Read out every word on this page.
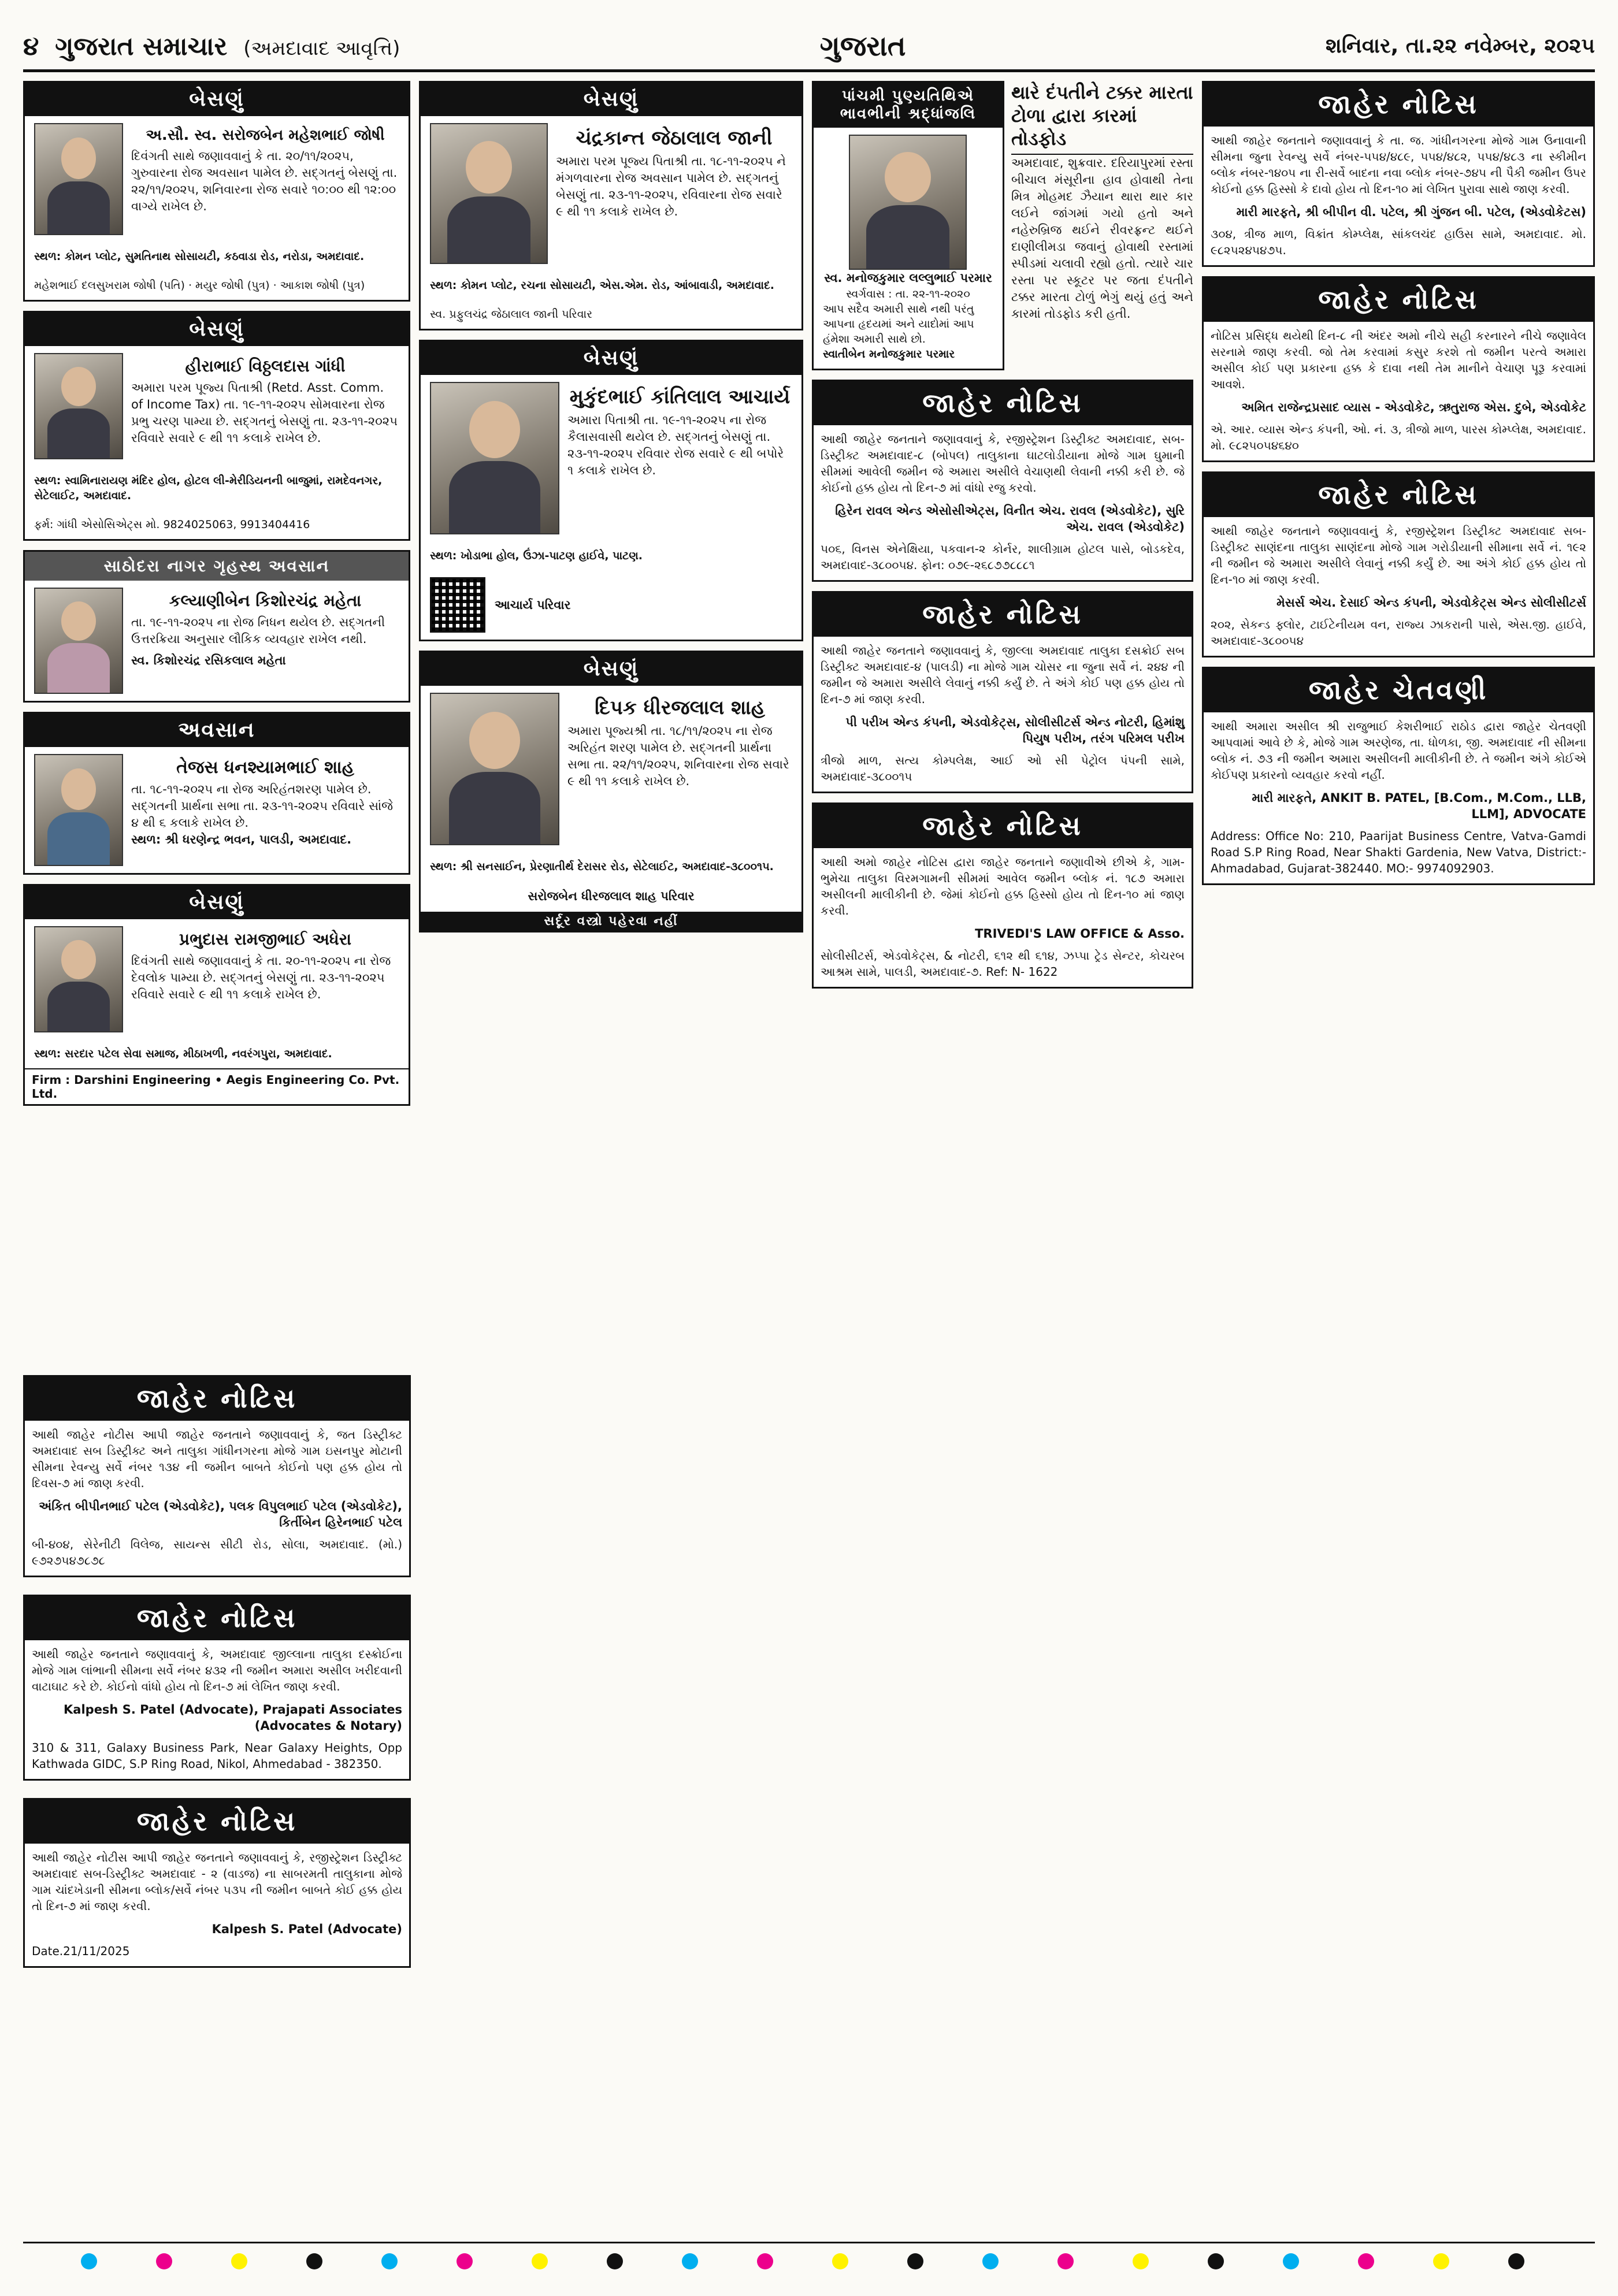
૪ ગુજરાત સમાચાર (અમદાવાદ આવૃત્તિ)	ગુજરાત	શનિવાર, તા.૨૨ નવેમ્બર, ૨૦૨૫
બેસણું
અ.સૌ. સ્વ. સરોજબેન મહેશભાઈ જોષી
દિવંગતી સાથે જણાવવાનું કે તા. ૨૦/૧૧/૨૦૨૫, ગુરુવારના રોજ અવસાન પામેલ છે. સદ્ગતનું બેસણું તા. ૨૨/૧૧/૨૦૨૫, શનિવારના રોજ સવારે ૧૦:૦૦ થી ૧૨:૦૦ વાગ્યે રાખેલ છે.
સ્થળ: કોમન પ્લોટ, સુમતિનાથ સોસાયટી, કઠવાડા રોડ, નરોડા, અમદાવાદ.
મહેશભાઈ દલસુખરામ જોષી (પતિ) · મયુર જોષી (પુત્ર) · આકાશ જોષી (પુત્ર)
બેસણું
હીરાભાઈ વિઠ્ઠલદાસ ગાંધી
અમારા પરમ પૂજ્ય પિતાશ્રી (Retd. Asst. Comm. of Income Tax) તા. ૧૯-૧૧-૨૦૨૫ સોમવારના રોજ પ્રભુ ચરણ પામ્યા છે. સદ્ગતનું બેસણું તા. ૨૩-૧૧-૨૦૨૫ રવિવારે સવારે ૯ થી ૧૧ કલાકે રાખેલ છે.
સ્થળ: સ્વામિનારાયણ મંદિર હોલ, હોટલ લી-મેરીડિયનની બાજુમાં, રામદેવનગર, સેટેલાઈટ, અમદાવાદ.
ફર્મ: ગાંધી એસોસિએટ્સ મો. 9824025063, 9913404416
સાઠોદરા નાગર ગૃહસ્થ અવસાન
કલ્યાણીબેન કિશોરચંદ્ર મહેતા
તા. ૧૯-૧૧-૨૦૨૫ ના રોજ નિધન થયેલ છે. સદ્ગતની ઉત્તરક્રિયા અનુસાર લૌકિક વ્યવહાર રાખેલ નથી.
સ્વ. કિશોરચંદ્ર રસિકલાલ મહેતા
અવસાન
તેજસ ધનશ્યામભાઈ શાહ
તા. ૧૮-૧૧-૨૦૨૫ ના રોજ અરિહંતશરણ પામેલ છે. સદ્ગતની પ્રાર્થના સભા તા. ૨૩-૧૧-૨૦૨૫ રવિવારે સાંજે ૪ થી ૬ કલાકે રાખેલ છે.
સ્થળ: શ્રી ધરણેન્દ્ર ભવન, પાલડી, અમદાવાદ.
બેસણું
પ્રભુદાસ રામજીભાઈ અધેરા
દિવંગતી સાથે જણાવવાનું કે તા. ૨૦-૧૧-૨૦૨૫ ના રોજ દેવલોક પામ્યા છે. સદ્ગતનું બેસણું તા. ૨૩-૧૧-૨૦૨૫ રવિવારે સવારે ૯ થી ૧૧ કલાકે રાખેલ છે.
સ્થળ: સરદાર પટેલ સેવા સમાજ, મીઠાખળી, નવરંગપુરા, અમદાવાદ.
Firm : Darshini Engineering • Aegis Engineering Co. Pvt. Ltd.
બેસણું
ચંદ્રકાન્ત જેઠાલાલ જાની
અમારા પરમ પૂજ્ય પિતાશ્રી તા. ૧૮-૧૧-૨૦૨૫ ને મંગળવારના રોજ અવસાન પામેલ છે. સદ્ગતનું બેસણું તા. ૨૩-૧૧-૨૦૨૫, રવિવારના રોજ સવારે ૯ થી ૧૧ કલાકે રાખેલ છે.
સ્થળ: કોમન પ્લોટ, રચના સોસાયટી, એસ.એમ. રોડ, આંબાવાડી, અમદાવાદ.
સ્વ. પ્રફુલચંદ્ર જેઠાલાલ જાની પરિવાર
બેસણું
મુકુંદભાઈ કાંતિલાલ આચાર્ય
અમારા પિતાશ્રી તા. ૧૯-૧૧-૨૦૨૫ ના રોજ કૈલાસવાસી થયેલ છે. સદ્ગતનું બેસણું તા. ૨૩-૧૧-૨૦૨૫ રવિવાર રોજ સવારે ૯ થી બપોરે ૧ કલાકે રાખેલ છે.
સ્થળ: ખોડાભા હોલ, ઉંઝા-પાટણ હાઈવે, પાટણ.
આચાર્ય પરિવાર
બેસણું
દિપક ધીરજલાલ શાહ
અમારા પૂજ્યશ્રી તા. ૧૮/૧૧/૨૦૨૫ ના રોજ અરિહંત શરણ પામેલ છે. સદ્ગતની પ્રાર્થના સભા તા. ૨૨/૧૧/૨૦૨૫, શનિવારના રોજ સવારે ૯ થી ૧૧ કલાકે રાખેલ છે.
સ્થળ: શ્રી સનસાઈન, પ્રેરણાતીર્થ દેરાસર રોડ, સેટેલાઈટ, અમદાવાદ-૩૮૦૦૧૫.
સરોજબેન ધીરજલાલ શાહ પરિવાર
સર્દૂર વસ્ત્રો પહેરવા નહીં
પાંચમી પુણ્યતિથિએ ભાવભીની શ્રદ્ધાંજલિ
સ્વ. મનોજકુમાર લલ્લુભાઈ પરમાર
સ્વર્ગવાસ : તા. ૨૨-૧૧-૨૦૨૦
આપ સદૈવ અમારી સાથે નથી પરંતુ આપના હૃદયમાં અને યાદોમાં આપ હંમેશા અમારી સાથે છો.
સ્વાતીબેન મનોજકુમાર પરમાર
થારે દંપતીને ટક્કર મારતા ટોળા દ્વારા કારમાં તોડફોડ
અમદાવાદ, શુક્રવાર. દરિયાપુરમાં રસ્તા બીચાલ મંસૂરીના હાવ હોવાથી તેના મિત્ર મોહમદ ઝૈયાન થારા થાર કાર લઈને જાંગમાં ગયો હતો અને નહેરુબ્રિજ થઈને રીવરફ્રન્ટ થઈને દાણીલીમડા જવાનું હોવાથી રસ્તામાં સ્પીડમાં ચલાવી રહ્યો હતો. ત્યારે ચાર રસ્તા પર સ્કૂટર પર જતા દંપતીને ટક્કર મારતા ટોળું ભેગું થયું હતું અને કારમાં તોડફોડ કરી હતી.
જાહેર નોટિસ
આથી જાહેર જનતાને જણાવવાનું કે, રજીસ્ટ્રેશન ડિસ્ટ્રીક્ટ અમદાવાદ, સબ-ડિસ્ટ્રીક્ટ અમદાવાદ-૮ (બોપલ) તાલુકાના ઘાટલોડીયાના મોજે ગામ ઘુમાની સીમમાં આવેલી જમીન જે અમારા અસીલે વેચાણથી લેવાની નક્કી કરી છે. જે કોઈનો હક્ક હોય તો દિન-૭ માં વાંધો રજુ કરવો.
હિરેન રાવલ એન્ડ એસોસીએટ્સ, વિનીત એચ. રાવલ (એડવોકેટ), સુરિ એચ. રાવલ (એડવોકેટ)
૫૦૬, વિનસ એનેક્ષિયા, પકવાન-૨ કોર્નર, શાલીગ્રામ હોટલ પાસે, બોડકદેવ, અમદાવાદ-૩૮૦૦૫૪. ફોન: ૦૭૯-૨૬૮૭૭૮૮૮૧
જાહેર નોટિસ
આથી જાહેર જનતાને જણાવવાનું કે, જીલ્લા અમદાવાદ તાલુકા દસક્રોઈ સબ ડિસ્ટ્રીક્ટ અમદાવાદ-૪ (પાલડી) ના મોજે ગામ ચોસર ના જુના સર્વે નં. ૨૪૪ ની જમીન જે અમારા અસીલે લેવાનું નક્કી કર્યું છે. તે અંગે કોઈ પણ હક્ક હોય તો દિન-૭ માં જાણ કરવી.
પી પરીખ એન્ડ કંપની, એડવોકેટ્સ, સોલીસીટર્સ એન્ડ નોટરી, હિમાંશુ પિયુષ પરીખ, તરંગ પરિમલ પરીખ
ત્રીજો માળ, સત્ય કોમ્પલેક્ષ, આઈ ઓ સી પેટ્રોલ પંપની સામે, અમદાવાદ-૩૮૦૦૧૫
જાહેર નોટિસ
આથી અમો જાહેર નોટિસ દ્વારા જાહેર જનતાને જણાવીએ છીએ કે, ગામ-ભુમેચા તાલુકા વિરમગામની સીમમાં આવેલ જમીન બ્લોક નં. ૧૮૭ અમારા અસીલની માલીકીની છે. જેમાં કોઈનો હક્ક હિસ્સો હોય તો દિન-૧૦ માં જાણ કરવી.
TRIVEDI'S LAW OFFICE & Asso.
સોલીસીટર્સ, એડવોકેટ્સ, & નોટરી, ૬૧૨ થી ૬૧૪, ઝપ્પા ટ્રેડ સેન્ટર, કોચરબ આશ્રમ સામે, પાલડી, અમદાવાદ-૭. Ref: N- 1622
જાહેર નોટિસ
આથી જાહેર જનતાને જણાવવાનું કે તા. જ. ગાંધીનગરના મોજે ગામ ઉનાવાની સીમના જુના રેવન્યુ સર્વે નંબર-૫૫૪/૪૮૯, ૫૫૪/૪૮૨, ૫૫૪/૪૮૩ ના સ્કીમીન બ્લોક નંબર-૧૪૦૫ ના રી-સર્વે બાદના નવા બ્લોક નંબર-૭૪૫ ની પૈકી જમીન ઉપર કોઈનો હક્ક હિસ્સો કે દાવો હોય તો દિન-૧૦ માં લેખિત પુરાવા સાથે જાણ કરવી.
મારી મારફતે, શ્રી બીપીન વી. પટેલ, શ્રી ગુંજન બી. પટેલ, (એડવોકેટસ)
૩૦૪, ત્રીજ માળ, વિક્રાંત કોમ્પ્લેક્ષ, સાંકલચંદ હાઉસ સામે, અમદાવાદ. મો. ૯૮૨૫૨૪૫૪૭૫.
જાહેર નોટિસ
નોટિસ પ્રસિદ્ધ થયેથી દિન-૮ ની અંદર અમો નીચે સહી કરનારને નીચે જણાવેલ સરનામે જાણ કરવી. જો તેમ કરવામાં કસુર કરશે તો જમીન પરત્વે અમારા અસીલ કોઈ પણ પ્રકારના હક્ક કે દાવા નથી તેમ માનીને વેચાણ પૂરૂ કરવામાં આવશે.
અમિત રાજેન્દ્રપ્રસાદ વ્યાસ - એડવોકેટ, ઋતુરાજ એસ. દુબે, એડવોકેટ
એ. આર. વ્યાસ એન્ડ કંપની, ઓ. નં. ૩, ત્રીજો માળ, પારસ કોમ્પ્લેક્ષ, અમદાવાદ. મો. ૯૮૨૫૦૫૪૬૪૦
જાહેર નોટિસ
આથી જાહેર જનતાને જણાવવાનું કે, રજીસ્ટ્રેશન ડિસ્ટ્રીક્ટ અમદાવાદ સબ-ડિસ્ટ્રીક્ટ સાણંદના તાલુકા સાણંદના મોજે ગામ ગરોડીયાની સીમાના સર્વે નં. ૧૯૨ ની જમીન જે અમારા અસીલે લેવાનું નક્કી કર્યું છે. આ અંગે કોઈ હક્ક હોય તો દિન-૧૦ માં જાણ કરવી.
મેસર્સ એચ. દેસાઈ એન્ડ કંપની, એડવોકેટ્સ એન્ડ સોલીસીટર્સ
૨૦૨, સેકન્ડ ફ્લોર, ટાઈટેનીયમ વન, રાજ્ય ઝાકરાની પાસે, એસ.જી. હાઈવે, અમદાવાદ-૩૮૦૦૫૪
જાહેર ચેતવણી
આથી અમારા અસીલ શ્રી રાજુભાઈ કેશરીભાઈ રાઠોડ દ્વારા જાહેર ચેતવણી આપવામાં આવે છે કે, મોજે ગામ અરણેજ, તા. ધોળકા, જી. અમદાવાદ ની સીમના બ્લોક નં. ૭૩ ની જમીન અમારા અસીલની માલીકીની છે. તે જમીન અંગે કોઈએ કોઈપણ પ્રકારનો વ્યવહાર કરવો નહીં.
મારી મારફતે, ANKIT B. PATEL, [B.Com., M.Com., LLB, LLM], ADVOCATE
Address: Office No: 210, Paarijat Business Centre, Vatva-Gamdi Road S.P Ring Road, Near Shakti Gardenia, New Vatva, District:-Ahmadabad, Gujarat-382440. MO:- 9974092903.
જાહેર નોટિસ
આથી જાહેર નોટીસ આપી જાહેર જનતાને જણાવવાનું કે, જત ડિસ્ટ્રીક્ટ અમદાવાદ સબ ડિસ્ટ્રીક્ટ અને તાલુકા ગાંધીનગરના મોજે ગામ ઇસનપુર મોટાની સીમના રેવન્યુ સર્વે નંબર ૧૩૪ ની જમીન બાબતે કોઈનો પણ હક્ક હોય તો દિવસ-૭ માં જાણ કરવી.
અંકિત બીપીનભાઈ પટેલ (એડવોકેટ), પલક વિપુલભાઈ પટેલ (એડવોકેટ), કિર્તીબેન હિરેનભાઈ પટેલ
બી-૪૦૪, સેરેનીટી વિલેજ, સાયન્સ સીટી રોડ, સોલા, અમદાવાદ. (મો.) ૯૭૨૭૫૪૭૮૭૮
જાહેર નોટિસ
આથી જાહેર જનતાને જણાવવાનું કે, અમદાવાદ જીલ્લાના તાલુકા દસ્ક્રોઈના મોજે ગામ લાંભાની સીમના સર્વે નંબર ૪૩૨ ની જમીન અમારા અસીલ ખરીદવાની વાટાઘાટ કરે છે. કોઈનો વાંધો હોય તો દિન-૭ માં લેખિત જાણ કરવી.
Kalpesh S. Patel (Advocate), Prajapati Associates (Advocates & Notary)
310 & 311, Galaxy Business Park, Near Galaxy Heights, Opp Kathwada GIDC, S.P Ring Road, Nikol, Ahmedabad - 382350.
જાહેર નોટિસ
આથી જાહેર નોટીસ આપી જાહેર જનતાને જણાવવાનું કે, રજીસ્ટ્રેશન ડિસ્ટ્રીક્ટ અમદાવાદ સબ-ડિસ્ટ્રીક્ટ અમદાવાદ - ૨ (વાડજ) ના સાબરમતી તાલુકાના મોજે ગામ ચાંદખેડાની સીમના બ્લોક/સર્વે નંબર ૫૩૫ ની જમીન બાબતે કોઈ હક્ક હોય તો દિન-૭ માં જાણ કરવી.
Kalpesh S. Patel (Advocate)
Date.21/11/2025
